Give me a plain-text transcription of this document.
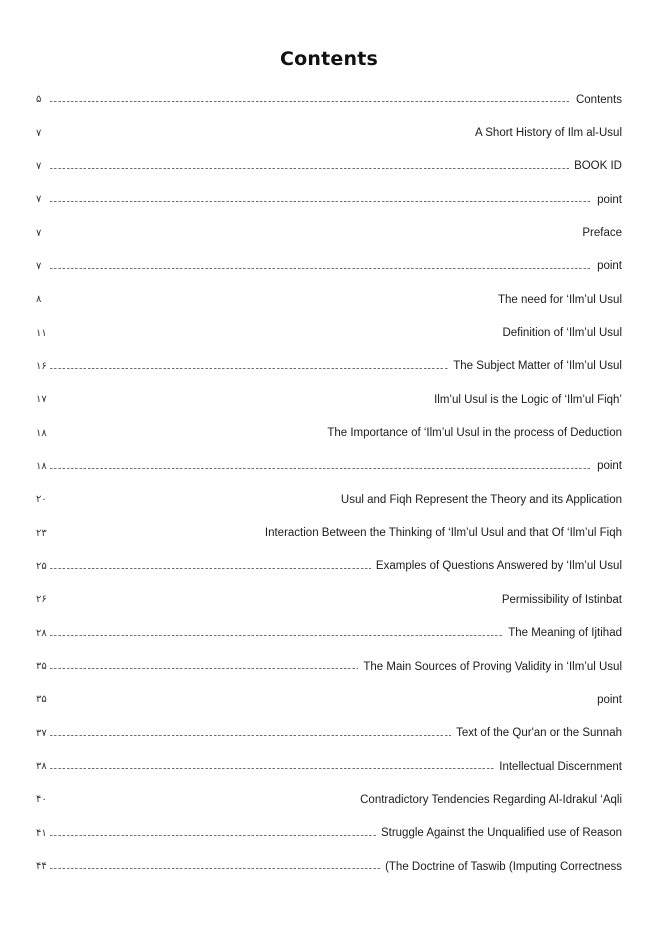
Contents
۵	Contents
۷	A Short History of Ilm al-Usul
۷	BOOK ID
۷	point
۷	Preface
۷	point
۸	The need for ‘Ilm’ul Usul
۱۱	Definition of ‘Ilm’ul Usul
۱۶	The Subject Matter of ‘Ilm’ul Usul
۱۷	Ilm’ul Usul is the Logic of ‘Ilm’ul Fiqh’
۱۸	The Importance of ‘Ilm’ul Usul in the process of Deduction
۱۸	point
۲۰	Usul and Fiqh Represent the Theory and its Application
۲۳	Interaction Between the Thinking of ‘Ilm’ul Usul and that Of ‘Ilm’ul Fiqh
۲۵	Examples of Questions Answered by ‘Ilm’ul Usul
۲۶	Permissibility of Istinbat
۲۸	The Meaning of Ijtihad
۳۵	The Main Sources of Proving Validity in ‘Ilm’ul Usul
۳۵	point
۳۷	Text of the Qur'an or the Sunnah
۳۸	Intellectual Discernment
۴۰	Contradictory Tendencies Regarding Al-Idrakul ‘Aqli
۴۱	Struggle Against the Unqualified use of Reason
۴۴	(The Doctrine of Taswib (Imputing Correctness
